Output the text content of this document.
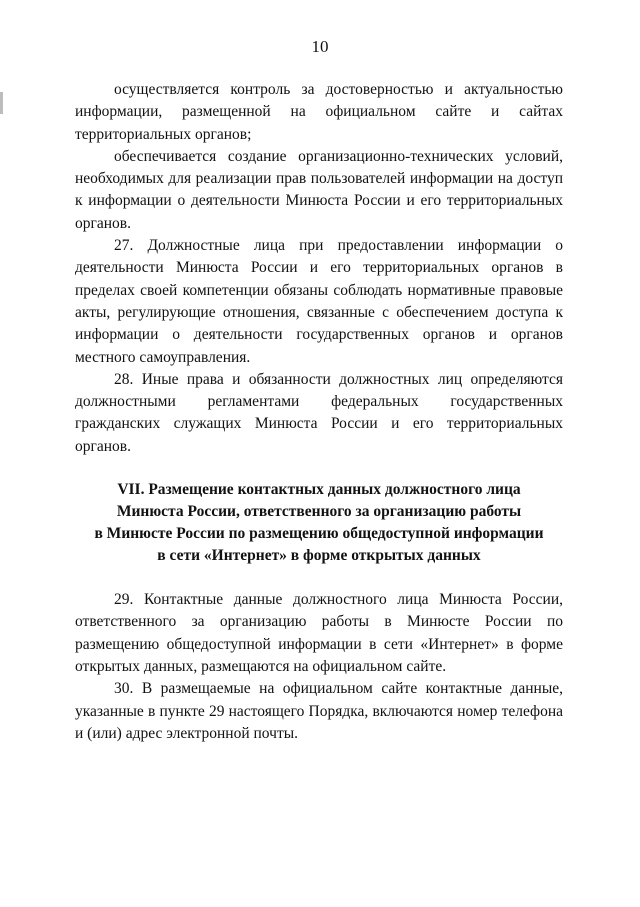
10

осуществляется контроль за достоверностью и актуальностью информации, размещенной на официальном сайте и сайтах территориальных органов;

обеспечивается создание организационно-технических условий, необходимых для реализации прав пользователей информации на доступ к информации о деятельности Минюста России и его территориальных органов.

27. Должностные лица при предоставлении информации о деятельности Минюста России и его территориальных органов в пределах своей компетенции обязаны соблюдать нормативные правовые акты, регулирующие отношения, связанные с обеспечением доступа к информации о деятельности государственных органов и органов местного самоуправления.

28. Иные права и обязанности должностных лиц определяются должностными регламентами федеральных государственных гражданских служащих Минюста России и его территориальных органов.

VII. Размещение контактных данных должностного лица
Минюста России, ответственного за организацию работы
в Минюсте России по размещению общедоступной информации
в сети «Интернет» в форме открытых данных

29. Контактные данные должностного лица Минюста России, ответственного за организацию работы в Минюсте России по размещению общедоступной информации в сети «Интернет» в форме открытых данных, размещаются на официальном сайте.

30. В размещаемые на официальном сайте контактные данные, указанные в пункте 29 настоящего Порядка, включаются номер телефона и (или) адрес электронной почты.
